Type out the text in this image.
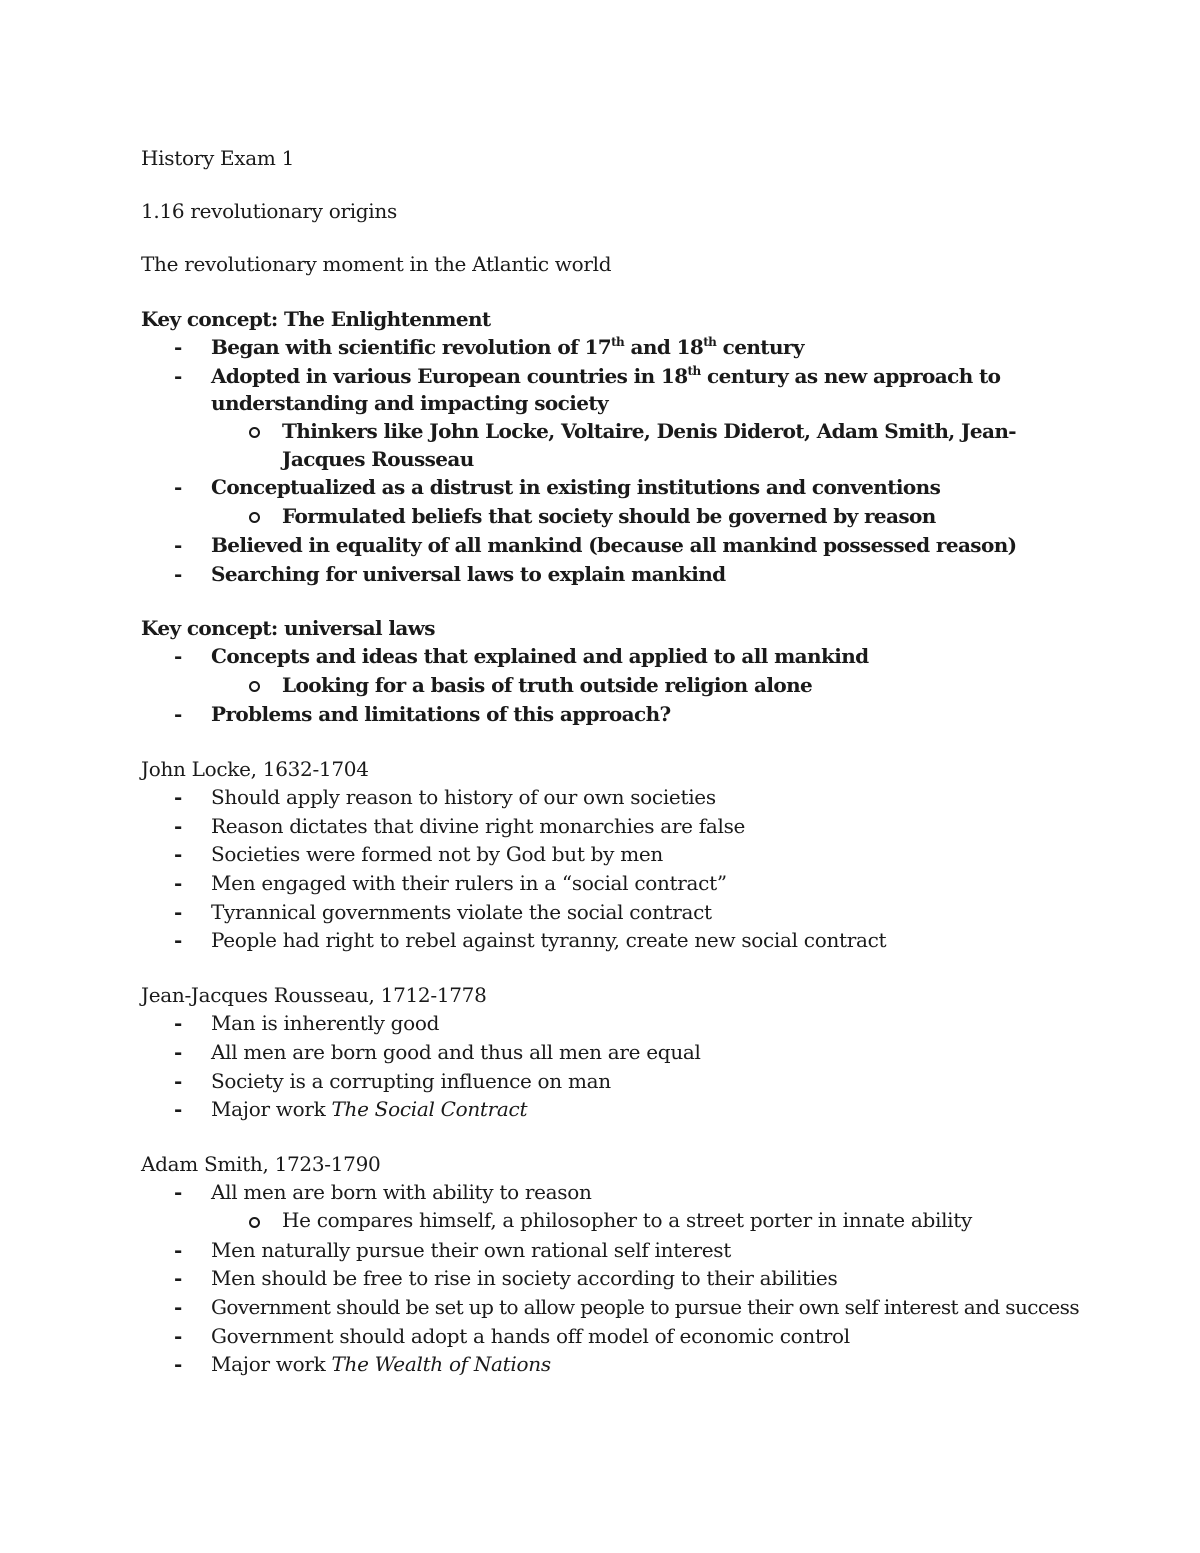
History Exam 1
1.16 revolutionary origins
The revolutionary moment in the Atlantic world
Key concept: The Enlightenment
- Began with scientific revolution of 17th and 18th century
- Adopted in various European countries in 18th century as new approach to
understanding and impacting society
Thinkers like John Locke, Voltaire, Denis Diderot, Adam Smith, Jean-
Jacques Rousseau
- Conceptualized as a distrust in existing institutions and conventions
Formulated beliefs that society should be governed by reason
- Believed in equality of all mankind (because all mankind possessed reason)
- Searching for universal laws to explain mankind
Key concept: universal laws
- Concepts and ideas that explained and applied to all mankind
Looking for a basis of truth outside religion alone
- Problems and limitations of this approach?
John Locke, 1632-1704
- Should apply reason to history of our own societies
- Reason dictates that divine right monarchies are false
- Societies were formed not by God but by men
- Men engaged with their rulers in a “social contract”
- Tyrannical governments violate the social contract
- People had right to rebel against tyranny, create new social contract
Jean-Jacques Rousseau, 1712-1778
- Man is inherently good
- All men are born good and thus all men are equal
- Society is a corrupting influence on man
- Major work The Social Contract
Adam Smith, 1723-1790
- All men are born with ability to reason
He compares himself, a philosopher to a street porter in innate ability
- Men naturally pursue their own rational self interest
- Men should be free to rise in society according to their abilities
- Government should be set up to allow people to pursue their own self interest and success
- Government should adopt a hands off model of economic control
- Major work The Wealth of Nations
